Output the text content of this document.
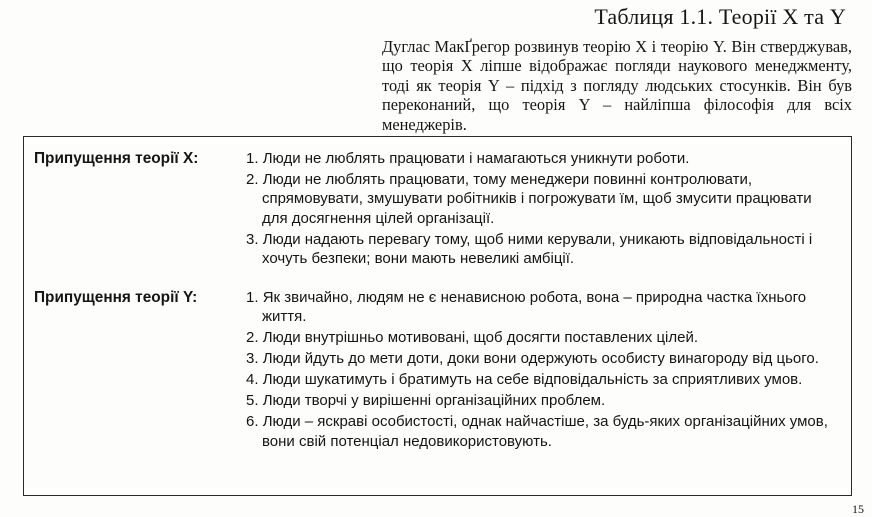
Таблиця 1.1. Теорії Х та Y

Дуглас МакҐрегор розвинув теорію X і теорію Y. Він стверджував, що теорія X ліпше відображає погляди наукового менеджменту, тоді як теорія Y – підхід з погляду людських стосунків. Він був переконаний, що теорія Y – найліпша філософія для всіх менеджерів.

Припущення теорії X:	1. Люди не люблять працювати і намагаються уникнути роботи.
2. Люди не люблять працювати, тому менеджери повинні контролювати, спрямовувати, змушувати робітників і погрожувати їм, щоб змусити працювати для досягнення цілей організації.
3. Люди надають перевагу тому, щоб ними керували, уникають відповідальності і хочуть безпеки; вони мають невеликі амбіції.

Припущення теорії Y:	1. Як звичайно, людям не є ненависною робота, вона – природна частка їхнього життя.
2. Люди внутрішньо мотивовані, щоб досягти поставлених цілей.
3. Люди йдуть до мети доти, доки вони одержують особисту винагороду від цього.
4. Люди шукатимуть і братимуть на себе відповідальність за сприятливих умов.
5. Люди творчі у вирішенні організаційних проблем.
6. Люди – яскраві особистості, однак найчастіше, за будь-яких організаційних умов, вони свій потенціал недовикористовують.
15
